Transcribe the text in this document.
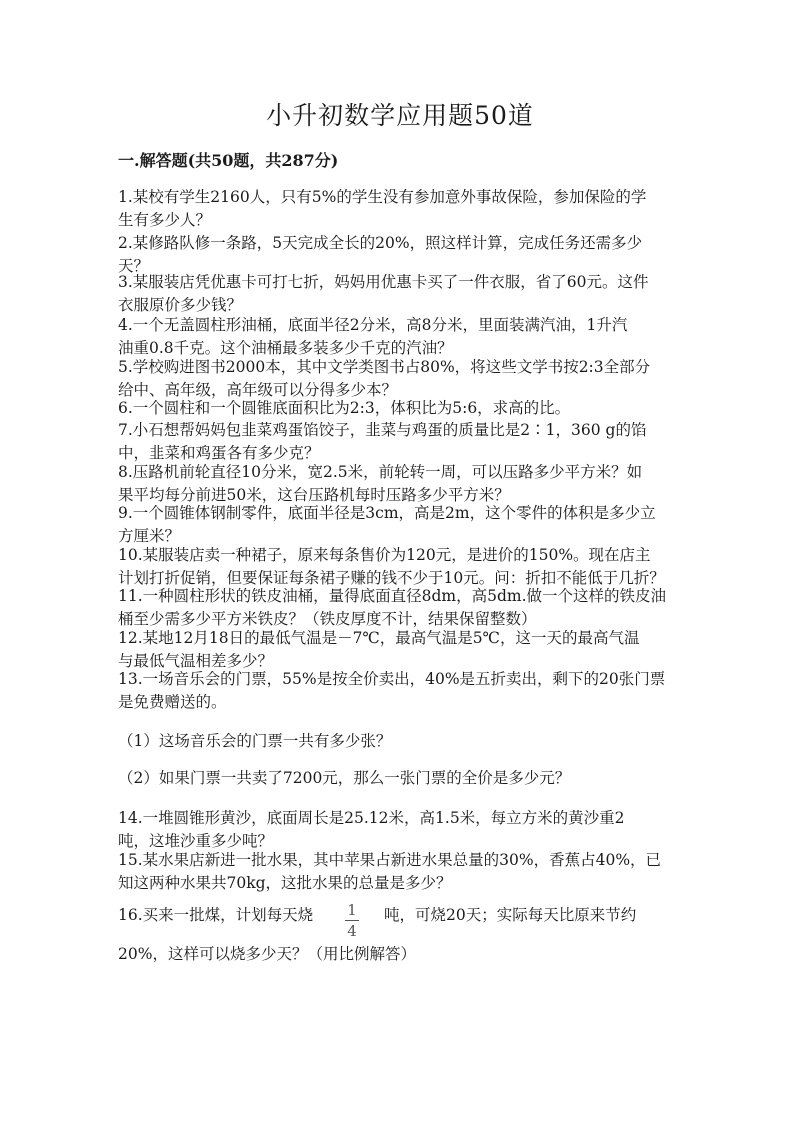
小升初数学应用题50道
一.解答题(共50题，共287分)
1.某校有学生2160人，只有5%的学生没有参加意外事故保险，参加保险的学
生有多少人？
2.某修路队修一条路，5天完成全长的20%，照这样计算，完成任务还需多少
天？
3.某服装店凭优惠卡可打七折，妈妈用优惠卡买了一件衣服，省了60元。这件
衣服原价多少钱？
4.一个无盖圆柱形油桶，底面半径2分米，高8分米，里面装满汽油，1升汽
油重0.8千克。这个油桶最多装多少千克的汽油？
5.学校购进图书2000本，其中文学类图书占80%，将这些文学书按2:3全部分
给中、高年级，高年级可以分得多少本？
6.一个圆柱和一个圆锥底面积比为2:3，体积比为5:6，求高的比。
7.小石想帮妈妈包韭菜鸡蛋馅饺子，韭菜与鸡蛋的质量比是2∶1，360 g的馅
中，韭菜和鸡蛋各有多少克？
8.压路机前轮直径10分米，宽2.5米，前轮转一周，可以压路多少平方米？如
果平均每分前进50米，这台压路机每时压路多少平方米？
9.一个圆锥体钢制零件，底面半径是3cm，高是2m，这个零件的体积是多少立
方厘米？
10.某服装店卖一种裙子，原来每条售价为120元，是进价的150%。现在店主
计划打折促销，但要保证每条裙子赚的钱不少于10元。问：折扣不能低于几折？
11.一种圆柱形状的铁皮油桶，量得底面直径8dm，高5dm.做一个这样的铁皮油
桶至少需多少平方米铁皮？（铁皮厚度不计，结果保留整数）
12.某地12月18日的最低气温是－7℃，最高气温是5℃，这一天的最高气温
与最低气温相差多少？
13.一场音乐会的门票，55%是按全价卖出，40%是五折卖出，剩下的20张门票
是免费赠送的。
（1）这场音乐会的门票一共有多少张？
（2）如果门票一共卖了7200元，那么一张门票的全价是多少元？
14.一堆圆锥形黄沙，底面周长是25.12米，高1.5米，每立方米的黄沙重2
吨，这堆沙重多少吨？
15.某水果店新进一批水果，其中苹果占新进水果总量的30%，香蕉占40%，已
知这两种水果共70kg，这批水果的总量是多少？
16.买来一批煤，计划每天烧	1
4
吨，可烧20天；实际每天比原来节约
20%，这样可以烧多少天？（用比例解答）
